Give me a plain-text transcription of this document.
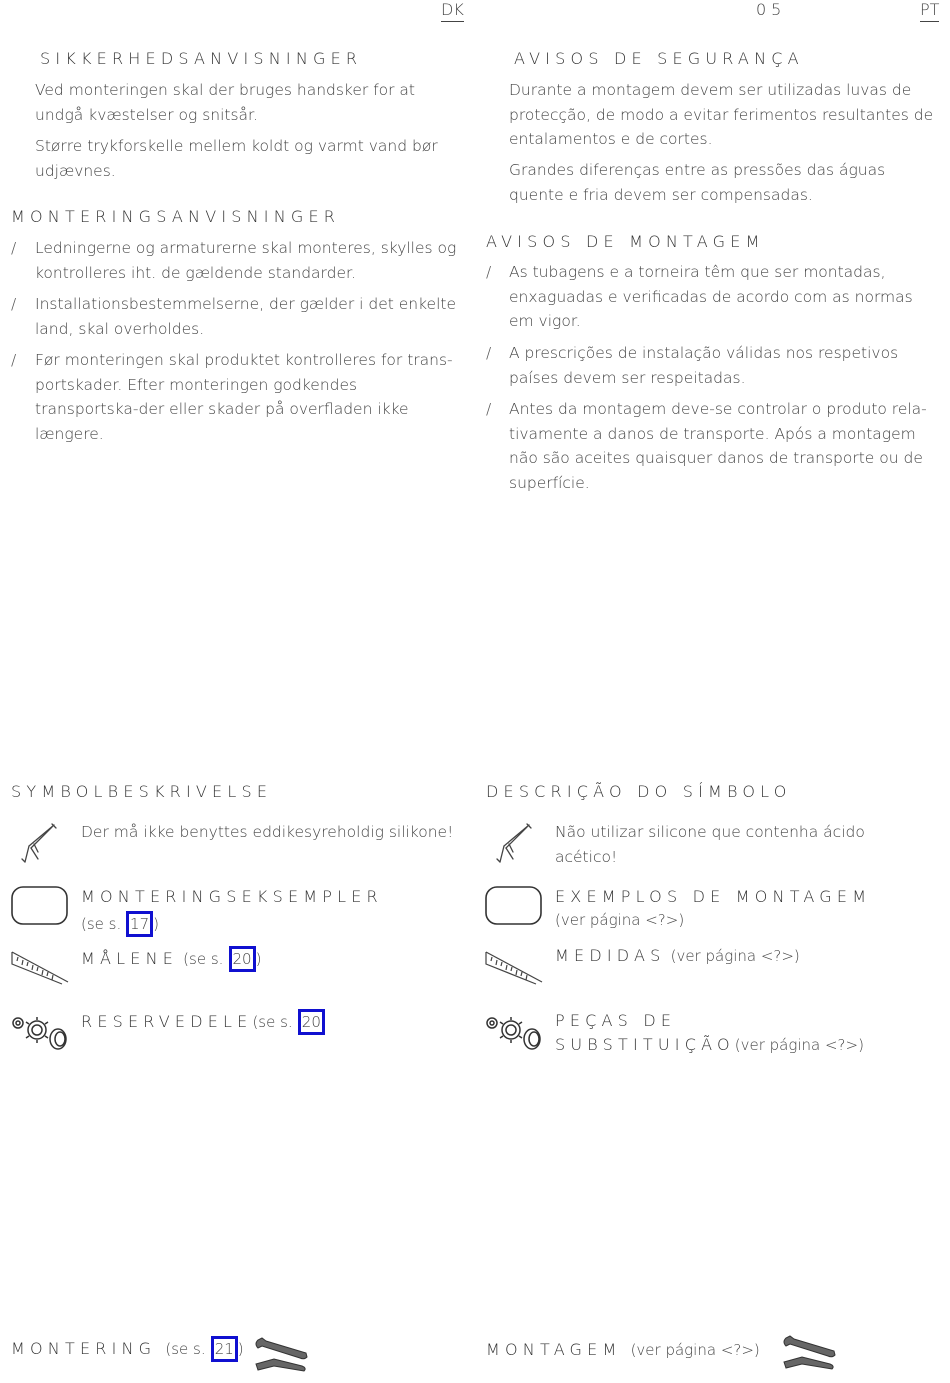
DK	05	PT
SIKKERHEDSANVISNINGER
Ved monteringen skal der bruges handsker for at undgå kvæstelser og snitsår.
Større trykforskelle mellem koldt og varmt vand bør udjævnes.
MONTERINGSANVISNINGER
/ Ledningerne og armaturerne skal monteres, skylles og kontrolleres iht. de gældende standarder.
/ Installationsbestemmelserne, der gælder i det enkelte land, skal overholdes.
/ Før monteringen skal produktet kontrolleres for trans-portskader. Efter monteringen godkendes transportska-der eller skader på overfladen ikke længere.
SYMBOLBESKRIVELSE
Der må ikke benyttes eddikesyreholdig silikone!
MONTERINGSEKSEMPLER
(se s. 17 )
MÅLENE (se s. 20 )
RESERVEDELE(se s. 20
MONTERING (se s. 21 )
AVISOS DE SEGURANÇA
Durante a montagem devem ser utilizadas luvas de protecção, de modo a evitar ferimentos resultantes de entalamentos e de cortes.
Grandes diferenças entre as pressões das águas quente e fria devem ser compensadas.
AVISOS DE MONTAGEM
/ As tubagens e a torneira têm que ser montadas, enxaguadas e verificadas de acordo com as normas em vigor.
/ A prescrições de instalação válidas nos respetivos países devem ser respeitadas.
/ Antes da montagem deve-se controlar o produto rela-tivamente a danos de transporte. Após a montagem não são aceites quaisquer danos de transporte ou de superfície.
DESCRIÇÃO DO SÍMBOLO
Não utilizar silicone que contenha ácido acético!
EXEMPLOS DE MONTAGEM
(ver página <?>)
MEDIDAS (ver página <?>)
PEÇAS DE
SUBSTITUIÇÃO(ver página <?>)
MONTAGEM (ver página <?>)
